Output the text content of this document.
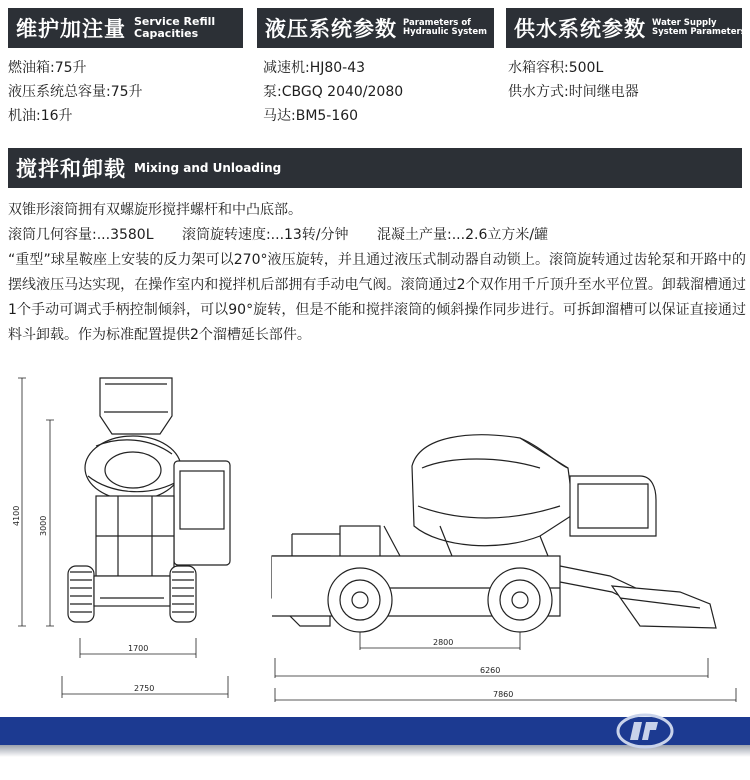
维护加注量 Service Refill
Capacities
燃油箱:75升
液压系统总容量:75升
机油:16升
液压系统参数 Parameters of
Hydraulic System
减速机:HJ80-43
泵:CBGQ 2040/2080
马达:BM5-160
供水系统参数 Water Supply
System Parameters
水箱容积:500L
供水方式:时间继电器
搅拌和卸载 Mixing and Unloading

双锥形滚筒拥有双螺旋形搅拌螺杆和中凸底部。

滚筒几何容量:...3580L 滚筒旋转速度:...13转/分钟 混凝土产量:...2.6立方米/罐

“重型”球星鞍座上安装的反力架可以270°液压旋转，并且通过液压式制动器自动锁上。滚筒旋转通过齿轮泵和开路中的摆线液压马达实现，在操作室内和搅拌机后部拥有手动电气阀。滚筒通过2个双作用千斤顶升至水平位置。卸载溜槽通过1个手动可调式手柄控制倾斜，可以90°旋转，但是不能和搅拌滚筒的倾斜操作同步进行。可拆卸溜槽可以保证直接通过料斗卸载。作为标准配置提供2个溜槽延长部件。

4100 3000
1700
2750
2800
6260
7860
